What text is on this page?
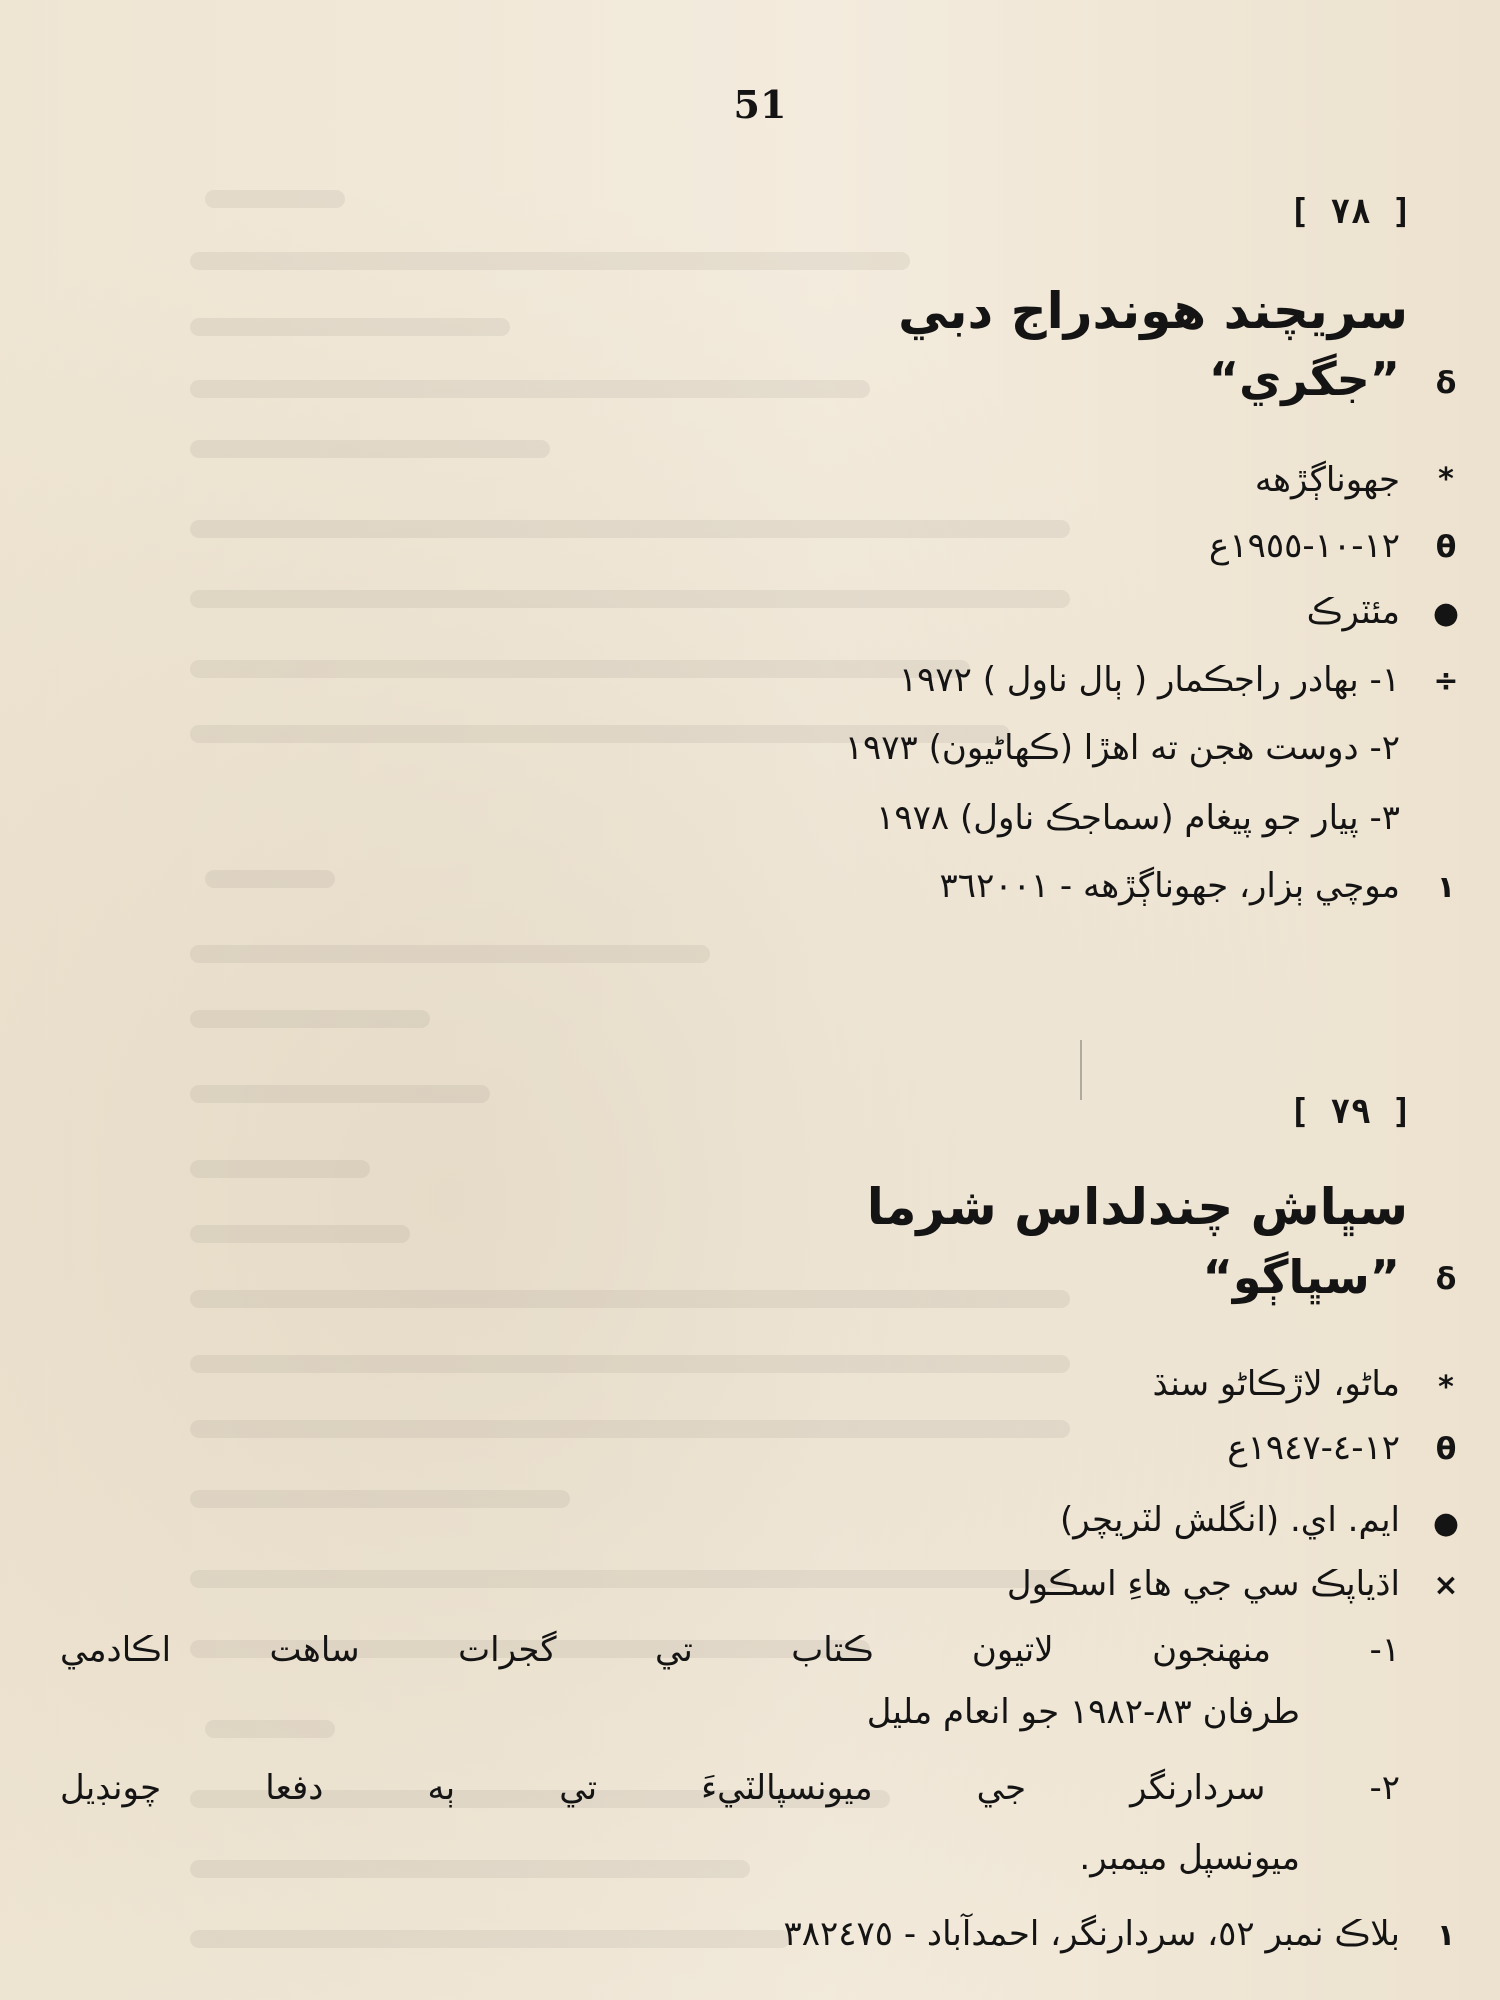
51
[ ٧٨ ]
سريچند هوندراج دبي
δ
”جگري“
*
جهوناڳڙهه
θ
١٢-١٠-١٩٥٥ع
●
مئٽرڪ
÷
١- بهادر راجڪمار ( ٻال ناول ) ١٩٧٢
٢- دوست هجن ته اهڙا (ڪهاڻيون) ١٩٧٣
٣- پيار جو پيغام (سماجڪ ناول) ١٩٧٨
١
موچي ٻزار، جهوناڳڙهه - ٣٦٢٠٠١
[ ٧٩ ]
سڀاش چندلداس شرما
δ
”سڀاڳو“
*
ماڻو، لاڙڪاڻو سنڌ
θ
١٢-٤-١٩٤٧ع
●
ايم. اي. (انگلش لٽريچر)
×
اڌياپڪ سي جي هاءِ اسڪول
١- منهنجون لاتيون ڪتاب تي گجرات ساهت اڪادمي
طرفان ٨٣-١٩٨٢ جو انعام مليل
٢- سردارنگر جي ميونسپالٽيءَ تي ٻه دفعا چونڊيل
ميونسپل ميمبر.
١
بلاڪ نمبر ٥٢، سردارنگر، احمدآباد - ٣٨٢٤٧٥
